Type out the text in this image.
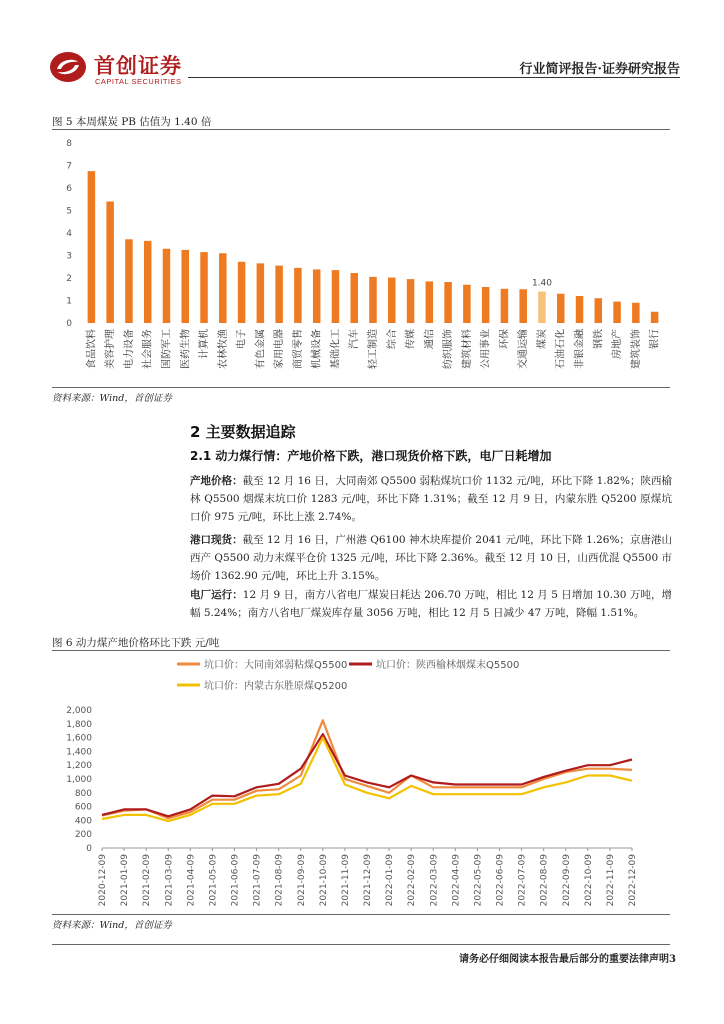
首创证券
CAPITAL SECURITIES
行业简评报告·证券研究报告
图 5 本周煤炭 PB 估值为 1.40 倍
0
1
2
3
4
5
6
7
8
食品饮料 美容护理 电力设备 社会服务 国防军工 医药生物 计算机 农林牧渔 电子 有色金属 家用电器 商贸零售 机械设备 基础化工 汽车 轻工制造 综合 传媒 通信 纺织服饰 建筑材料 公用事业 环保 交通运输
1.40
煤炭 石油石化 非银金融 钢铁 房地产 建筑装饰 银行
资料来源：Wind，首创证券
2 主要数据追踪
2.1 动力煤行情：产地价格下跌，港口现货价格下跌，电厂日耗增加
产地价格：截至 12 月 16 日，大同南郊 Q5500 弱粘煤坑口价 1132 元/吨，环比下降 1.82%；陕西榆林 Q5500 烟煤末坑口价 1283 元/吨，环比下降 1.31%；截至 12 月 9 日，内蒙东胜 Q5200 原煤坑口价 975 元/吨，环比上涨 2.74%。
港口现货：截至 12 月 16 日，广州港 Q6100 神木块库提价 2041 元/吨，环比下降 1.26%；京唐港山西产 Q5500 动力末煤平仓价 1325 元/吨，环比下降 2.36%。截至 12 月 10 日，山西优混 Q5500 市场价 1362.90 元/吨，环比上升 3.15%。
电厂运行：12 月 9 日，南方八省电厂煤炭日耗达 206.70 万吨，相比 12 月 5 日增加 10.30 万吨，增幅 5.24%；南方八省电厂煤炭库存量 3056 万吨，相比 12 月 5 日减少 47 万吨，降幅 1.51%。
图 6 动力煤产地价格环比下跌 元/吨
坑口价：大同南郊弱粘煤Q5500	坑口价：陕西榆林烟煤末Q5500
坑口价：内蒙古东胜原煤Q5200
0
200
400
600
800
1,000
1,200
1,400
1,600
1,800
2,000
2020-12-09 2021-01-09 2021-02-09 2021-03-09 2021-04-09 2021-05-09 2021-06-09 2021-07-09 2021-08-09 2021-09-09 2021-10-09 2021-11-09 2021-12-09 2022-01-09 2022-02-09 2022-03-09 2022-04-09 2022-05-09 2022-06-09 2022-07-09 2022-08-09 2022-09-09 2022-10-09 2022-11-09 2022-12-09
资料来源：Wind，首创证券
请务必仔细阅读本报告最后部分的重要法律声明3
